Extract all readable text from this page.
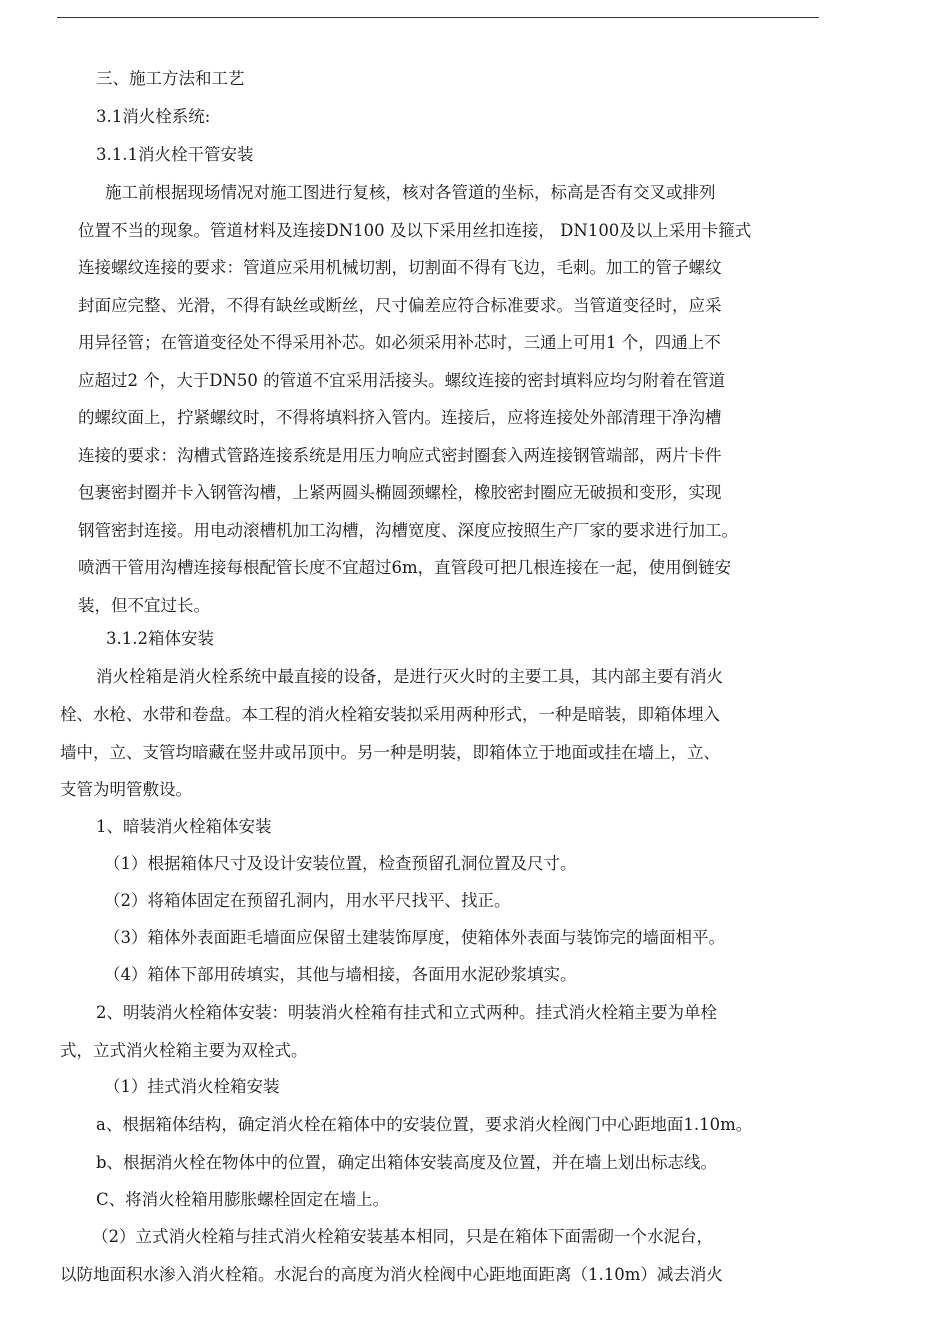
三、施工方法和工艺
3.1消火栓系统:
3.1.1消火栓干管安装
施工前根据现场情况对施工图进行复核，核对各管道的坐标，标高是否有交叉或排列
位置不当的现象。管道材料及连接DN100 及以下采用丝扣连接， DN100及以上采用卡箍式
连接螺纹连接的要求：管道应采用机械切割，切割面不得有飞边，毛刺。加工的管子螺纹
封面应完整、光滑，不得有缺丝或断丝，尺寸偏差应符合标准要求。当管道变径时，应采
用异径管；在管道变径处不得采用补芯。如必须采用补芯时，三通上可用1 个，四通上不
应超过2 个，大于DN50 的管道不宜采用活接头。螺纹连接的密封填料应均匀附着在管道
的螺纹面上，拧紧螺纹时，不得将填料挤入管内。连接后，应将连接处外部清理干净沟槽
连接的要求：沟槽式管路连接系统是用压力响应式密封圈套入两连接钢管端部，两片卡件
包裹密封圈并卡入钢管沟槽，上紧两圆头椭圆颈螺栓，橡胶密封圈应无破损和变形，实现
钢管密封连接。用电动滚槽机加工沟槽，沟槽宽度、深度应按照生产厂家的要求进行加工。
喷洒干管用沟槽连接每根配管长度不宜超过6m，直管段可把几根连接在一起，使用倒链安
装，但不宜过长。
3.1.2箱体安装
消火栓箱是消火栓系统中最直接的设备，是进行灭火时的主要工具，其内部主要有消火
栓、水枪、水带和卷盘。本工程的消火栓箱安装拟采用两种形式，一种是暗装，即箱体埋入
墙中，立、支管均暗藏在竖井或吊顶中。另一种是明装，即箱体立于地面或挂在墙上，立、
支管为明管敷设。
1、暗装消火栓箱体安装
（1）根据箱体尺寸及设计安装位置，检查预留孔洞位置及尺寸。
（2）将箱体固定在预留孔洞内，用水平尺找平、找正。
（3）箱体外表面距毛墙面应保留土建装饰厚度，使箱体外表面与装饰完的墙面相平。
（4）箱体下部用砖填实，其他与墙相接，各面用水泥砂浆填实。
2、明装消火栓箱体安装：明装消火栓箱有挂式和立式两种。挂式消火栓箱主要为单栓
式，立式消火栓箱主要为双栓式。
（1）挂式消火栓箱安装
a、根据箱体结构，确定消火栓在箱体中的安装位置，要求消火栓阀门中心距地面1.10m。
b、根据消火栓在物体中的位置，确定出箱体安装高度及位置，并在墙上划出标志线。
C、将消火栓箱用膨胀螺栓固定在墙上。
（2）立式消火栓箱与挂式消火栓箱安装基本相同，只是在箱体下面需砌一个水泥台，
以防地面积水渗入消火栓箱。水泥台的高度为消火栓阀中心距地面距离（1.10m）减去消火
